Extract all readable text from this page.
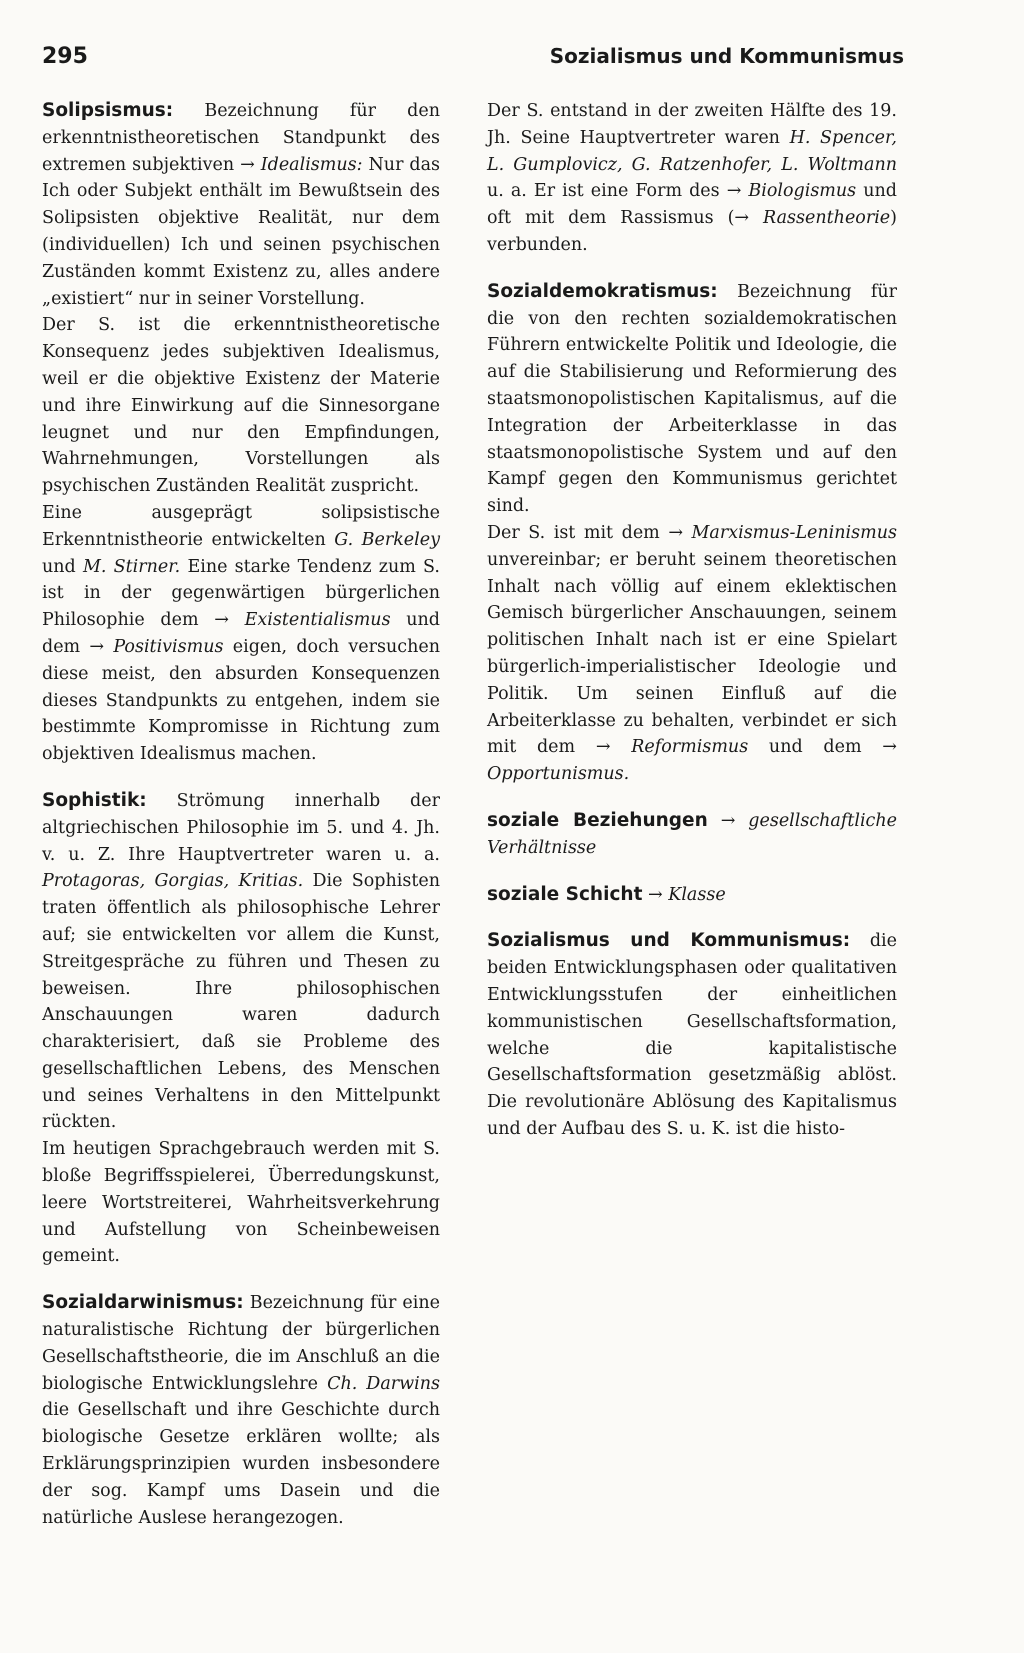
295	Sozialismus und Kommunismus

Solipsismus: Bezeichnung für den erkenntnistheoretischen Standpunkt des extremen subjektiven → Idealismus: Nur das Ich oder Subjekt enthält im Bewußtsein des Solipsisten objektive Realität, nur dem (individuellen) Ich und seinen psychischen Zuständen kommt Existenz zu, alles andere „existiert“ nur in seiner Vorstellung.

Der S. ist die erkenntnistheoretische Konsequenz jedes subjektiven Idealismus, weil er die objektive Existenz der Materie und ihre Einwirkung auf die Sinnesorgane leugnet und nur den Empfindungen, Wahrnehmungen, Vorstellungen als psychischen Zuständen Realität zuspricht.

Eine ausgeprägt solipsistische Erkenntnistheorie entwickelten G. Berkeley und M. Stirner. Eine starke Tendenz zum S. ist in der gegenwärtigen bürgerlichen Philosophie dem → Existentialismus und dem → Positivismus eigen, doch versuchen diese meist, den absurden Konsequenzen dieses Standpunkts zu entgehen, indem sie bestimmte Kompromisse in Richtung zum objektiven Idealismus machen.

Sophistik: Strömung innerhalb der altgriechischen Philosophie im 5. und 4. Jh. v. u. Z. Ihre Hauptvertreter waren u. a. Protagoras, Gorgias, Kritias. Die Sophisten traten öffentlich als philosophische Lehrer auf; sie entwickelten vor allem die Kunst, Streitgespräche zu führen und Thesen zu beweisen. Ihre philosophischen Anschauungen waren dadurch charakterisiert, daß sie Probleme des gesellschaftlichen Lebens, des Menschen und seines Verhaltens in den Mittelpunkt rückten.

Im heutigen Sprachgebrauch werden mit S. bloße Begriffsspielerei, Überredungskunst, leere Wortstreiterei, Wahrheitsverkehrung und Aufstellung von Scheinbeweisen gemeint.

Sozialdarwinismus: Bezeichnung für eine naturalistische Richtung der bürgerlichen Gesellschaftstheorie, die im Anschluß an die biologische Entwicklungslehre Ch. Darwins die Gesellschaft und ihre Geschichte durch biologische Gesetze erklären wollte; als Erklärungsprinzipien wurden insbesondere der sog. Kampf ums Dasein und die natürliche Auslese herangezogen.

Der S. entstand in der zweiten Hälfte des 19. Jh. Seine Hauptvertreter waren H. Spencer, L. Gumplovicz, G. Ratzenhofer, L. Woltmann u. a. Er ist eine Form des → Biologismus und oft mit dem Rassismus (→ Rassentheorie) verbunden.

Sozialdemokratismus: Bezeichnung für die von den rechten sozialdemokratischen Führern entwickelte Politik und Ideologie, die auf die Stabilisierung und Reformierung des staatsmonopolistischen Kapitalismus, auf die Integration der Arbeiterklasse in das staatsmonopolistische System und auf den Kampf gegen den Kommunismus gerichtet sind.

Der S. ist mit dem → Marxismus-Leninismus unvereinbar; er beruht seinem theoretischen Inhalt nach völlig auf einem eklektischen Gemisch bürgerlicher Anschauungen, seinem politischen Inhalt nach ist er eine Spielart bürgerlich-imperialistischer Ideologie und Politik. Um seinen Einfluß auf die Arbeiterklasse zu behalten, verbindet er sich mit dem → Reformismus und dem → Opportunismus.

soziale Beziehungen → gesellschaftliche Verhältnisse

soziale Schicht → Klasse

Sozialismus und Kommunismus: die beiden Entwicklungsphasen oder qualitativen Entwicklungsstufen der einheitlichen kommunistischen Gesellschaftsformation, welche die kapitalistische Gesellschaftsformation gesetzmäßig ablöst. Die revolutionäre Ablösung des Kapitalismus und der Aufbau des S. u. K. ist die histo-
